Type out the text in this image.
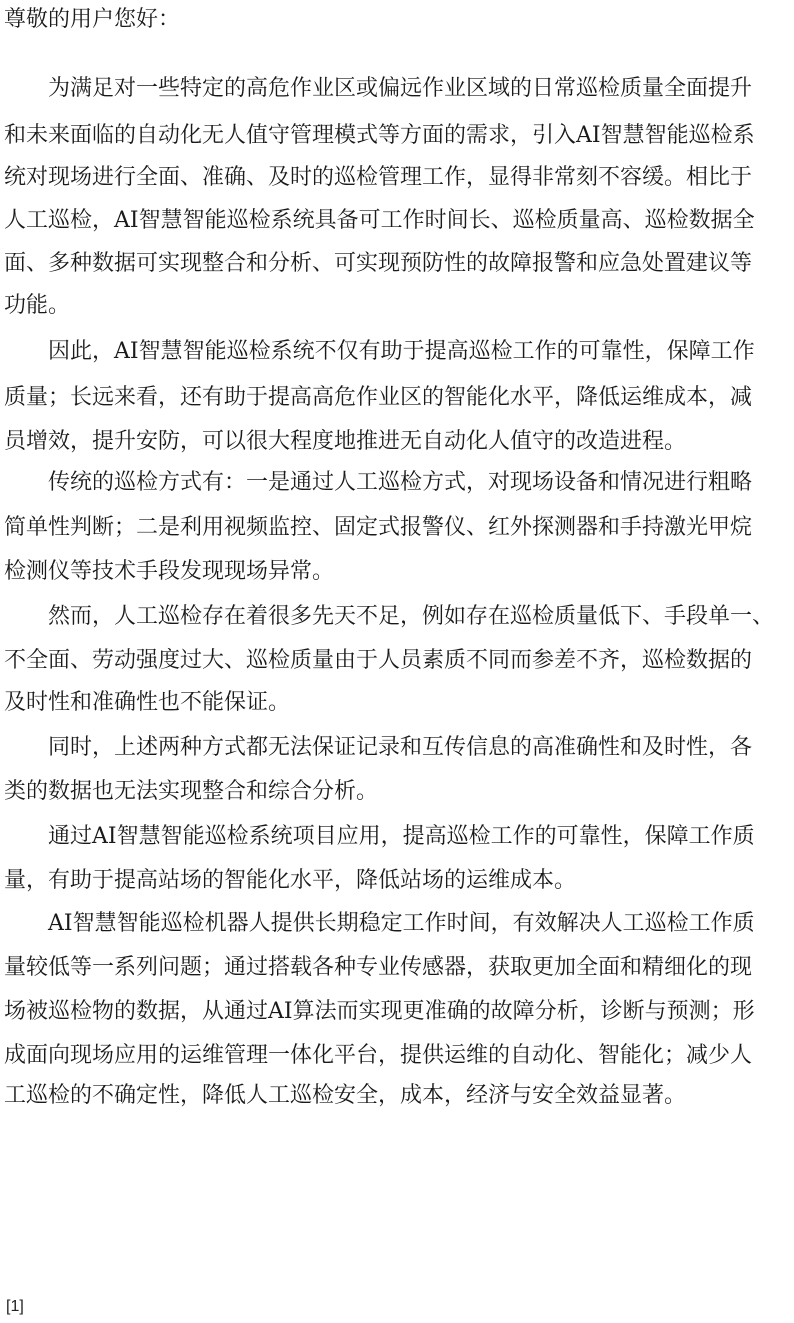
尊敬的用户您好：
为满足对一些特定的高危作业区或偏远作业区域的日常巡检质量全面提升
和未来面临的自动化无人值守管理模式等方面的需求，引入AI智慧智能巡检系
统对现场进行全面、准确、及时的巡检管理工作，显得非常刻不容缓。相比于
人工巡检，AI智慧智能巡检系统具备可工作时间长、巡检质量高、巡检数据全
面、多种数据可实现整合和分析、可实现预防性的故障报警和应急处置建议等
功能。
因此，AI智慧智能巡检系统不仅有助于提高巡检工作的可靠性，保障工作
质量；长远来看，还有助于提高高危作业区的智能化水平，降低运维成本，减
员增效，提升安防，可以很大程度地推进无自动化人值守的改造进程。
传统的巡检方式有：一是通过人工巡检方式，对现场设备和情况进行粗略
简单性判断；二是利用视频监控、固定式报警仪、红外探测器和手持激光甲烷
检测仪等技术手段发现现场异常。
然而，人工巡检存在着很多先天不足，例如存在巡检质量低下、手段单一、
不全面、劳动强度过大、巡检质量由于人员素质不同而参差不齐，巡检数据的
及时性和准确性也不能保证。
同时，上述两种方式都无法保证记录和互传信息的高准确性和及时性，各
类的数据也无法实现整合和综合分析。
通过AI智慧智能巡检系统项目应用，提高巡检工作的可靠性，保障工作质
量，有助于提高站场的智能化水平，降低站场的运维成本。
AI智慧智能巡检机器人提供长期稳定工作时间，有效解决人工巡检工作质
量较低等一系列问题；通过搭载各种专业传感器，获取更加全面和精细化的现
场被巡检物的数据，从通过AI算法而实现更准确的故障分析，诊断与预测；形
成面向现场应用的运维管理一体化平台，提供运维的自动化、智能化；减少人
工巡检的不确定性，降低人工巡检安全，成本，经济与安全效益显著。
[1]
